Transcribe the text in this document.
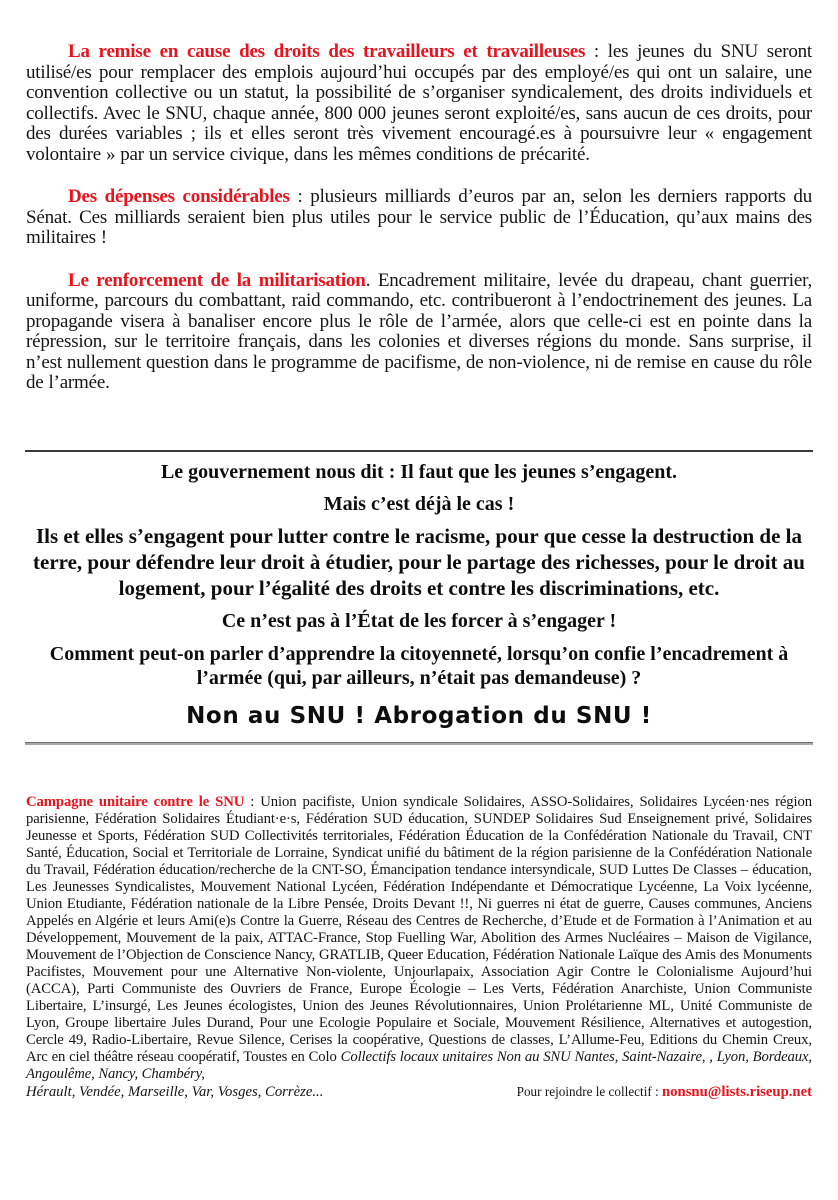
La remise en cause des droits des travailleurs et travailleuses : les jeunes du SNU seront utilisé/es pour remplacer des emplois aujourd’hui occupés par des employé/es qui ont un salaire, une convention collective ou un statut, la possibilité de s’organiser syndicalement, des droits individuels et collectifs. Avec le SNU, chaque année, 800 000 jeunes seront exploité/es, sans aucun de ces droits, pour des durées variables ; ils et elles seront très vivement encouragé.es à poursuivre leur « engagement volontaire » par un service civique, dans les mêmes conditions de précarité.

Des dépenses considérables : plusieurs milliards d’euros par an, selon les derniers rapports du Sénat. Ces milliards seraient bien plus utiles pour le service public de l’Éducation, qu’aux mains des militaires !

Le renforcement de la militarisation. Encadrement militaire, levée du drapeau, chant guerrier, uniforme, parcours du combattant, raid commando, etc. contribueront à l’endoctrinement des jeunes. La propagande visera à banaliser encore plus le rôle de l’armée, alors que celle-ci est en pointe dans la répression, sur le territoire français, dans les colonies et diverses régions du monde. Sans surprise, il n’est nullement question dans le programme de pacifisme, de non-violence, ni de remise en cause du rôle de l’armée.

Le gouvernement nous dit : Il faut que les jeunes s’engagent.

Mais c’est déjà le cas !

Ils et elles s’engagent pour lutter contre le racisme, pour que cesse la destruction de la terre, pour défendre leur droit à étudier, pour le partage des richesses, pour le droit au logement, pour l’égalité des droits et contre les discriminations, etc.

Ce n’est pas à l’État de les forcer à s’engager !

Comment peut-on parler d’apprendre la citoyenneté, lorsqu’on confie l’encadrement à l’armée (qui, par ailleurs, n’était pas demandeuse) ?

Non au SNU ! Abrogation du SNU !

Campagne unitaire contre le SNU : Union pacifiste, Union syndicale Solidaires, ASSO-Solidaires, Solidaires Lycéen·nes région parisienne, Fédération Solidaires Étudiant·e·s, Fédération SUD éducation, SUNDEP Solidaires Sud Enseignement privé, Solidaires Jeunesse et Sports, Fédération SUD Collectivités territoriales, Fédération Éducation de la Confédération Nationale du Travail, CNT Santé, Éducation, Social et Territoriale de Lorraine, Syndicat unifié du bâtiment de la région parisienne de la Confédération Nationale du Travail, Fédération éducation/recherche de la CNT-SO, Émancipation tendance intersyndicale, SUD Luttes De Classes – éducation, Les Jeunesses Syndicalistes, Mouvement National Lycéen, Fédération Indépendante et Démocratique Lycéenne, La Voix lycéenne, Union Etudiante, Fédération nationale de la Libre Pensée, Droits Devant !!, Ni guerres ni état de guerre, Causes communes, Anciens Appelés en Algérie et leurs Ami(e)s Contre la Guerre, Réseau des Centres de Recherche, d’Etude et de Formation à l’Animation et au Développement, Mouvement de la paix, ATTAC-France, Stop Fuelling War, Abolition des Armes Nucléaires – Maison de Vigilance, Mouvement de l’Objection de Conscience Nancy, GRATLIB, Queer Education, Fédération Nationale Laïque des Amis des Monuments Pacifistes, Mouvement pour une Alternative Non-violente, Unjourlapaix, Association Agir Contre le Colonialisme Aujourd’hui (ACCA), Parti Communiste des Ouvriers de France, Europe Écologie – Les Verts, Fédération Anarchiste, Union Communiste Libertaire, L’insurgé, Les Jeunes écologistes, Union des Jeunes Révolutionnaires, Union Prolétarienne ML, Unité Communiste de Lyon, Groupe libertaire Jules Durand, Pour une Ecologie Populaire et Sociale, Mouvement Résilience, Alternatives et autogestion, Cercle 49, Radio-Libertaire, Revue Silence, Cerises la coopérative, Questions de classes, L’Allume-Feu, Editions du Chemin Creux, Arc en ciel théâtre réseau coopératif, Toustes en Colo Collectifs locaux unitaires Non au SNU Nantes, Saint-Nazaire, , Lyon, Bordeaux, Angoulême, Nancy, Chambéry,

Hérault, Vendée, Marseille, Var, Vosges, Corrèze...	Pour rejoindre le collectif : nonsnu@lists.riseup.net
